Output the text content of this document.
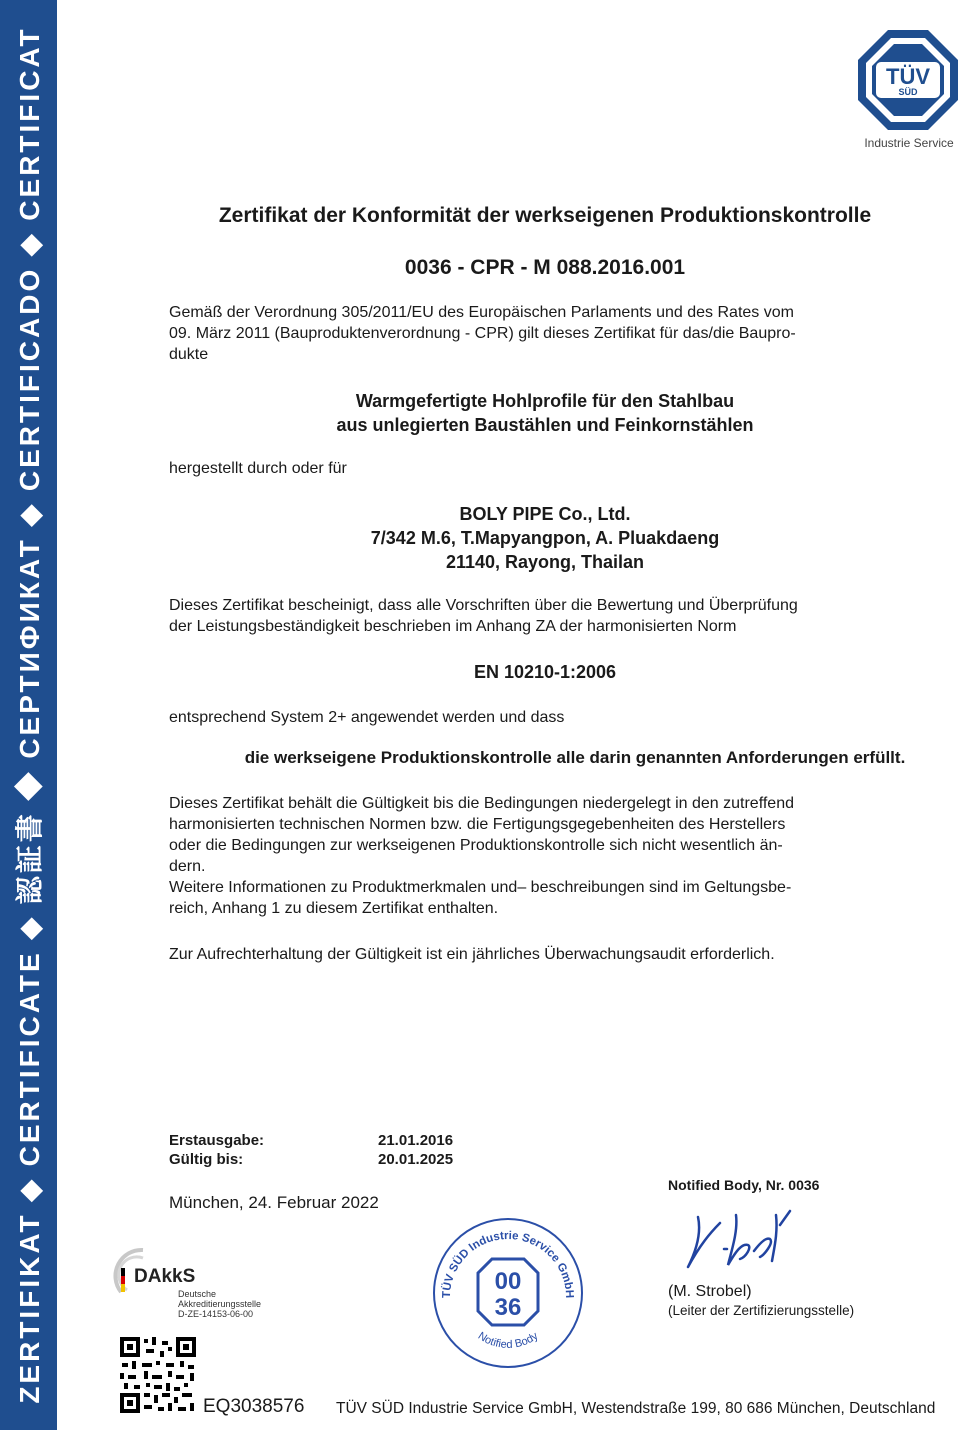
ZERTIFIKAT ◆ CERTIFICATE ◆ 認証書 ◆ СЕРТИФИКАТ ◆ CERTIFICADO ◆ CERTIFICAT	TÜV
SÜD
Industrie Service
Zertifikat der Konformität der werkseigenen Produktionskontrolle
0036 - CPR - M 088.2016.001
Gemäß der Verordnung 305/2011/EU des Europäischen Parlaments und des Rates vom
09. März 2011 (Bauproduktenverordnung - CPR) gilt dieses Zertifikat für das/die Baupro-
dukte
Warmgefertigte Hohlprofile für den Stahlbau
aus unlegierten Baustählen und Feinkornstählen
hergestellt durch oder für
BOLY PIPE Co., Ltd.
7/342 M.6, T.Mapyangpon, A. Pluakdaeng
21140, Rayong, Thailan
Dieses Zertifikat bescheinigt, dass alle Vorschriften über die Bewertung und Überprüfung
der Leistungsbeständigkeit beschrieben im Anhang ZA der harmonisierten Norm
EN 10210-1:2006
entsprechend System 2+ angewendet werden und dass
die werkseigene Produktionskontrolle alle darin genannten Anforderungen erfüllt.
Dieses Zertifikat behält die Gültigkeit bis die Bedingungen niedergelegt in den zutreffend
harmonisierten technischen Normen bzw. die Fertigungsgegebenheiten des Herstellers
oder die Bedingungen zur werkseigenen Produktionskontrolle sich nicht wesentlich än-
dern.
Weitere Informationen zu Produktmerkmalen und– beschreibungen sind im Geltungsbe-
reich, Anhang 1 zu diesem Zertifikat enthalten.
Zur Aufrechterhaltung der Gültigkeit ist ein jährliches Überwachungsaudit erforderlich.
Erstausgabe:	21.01.2016
Gültig bis:	20.01.2025
München, 24. Februar 2022
Notified Body, Nr. 0036
(M. Strobel)
(Leiter der Zertifizierungsstelle)
DAkkS
Deutsche
Akkreditierungsstelle
D-ZE-14153-06-00
TÜV SÜD Industrie Service GmbH
Notified Body
00
36
EQ3038576 TÜV SÜD Industrie Service GmbH, Westendstraße 199, 80 686 München, Deutschland
